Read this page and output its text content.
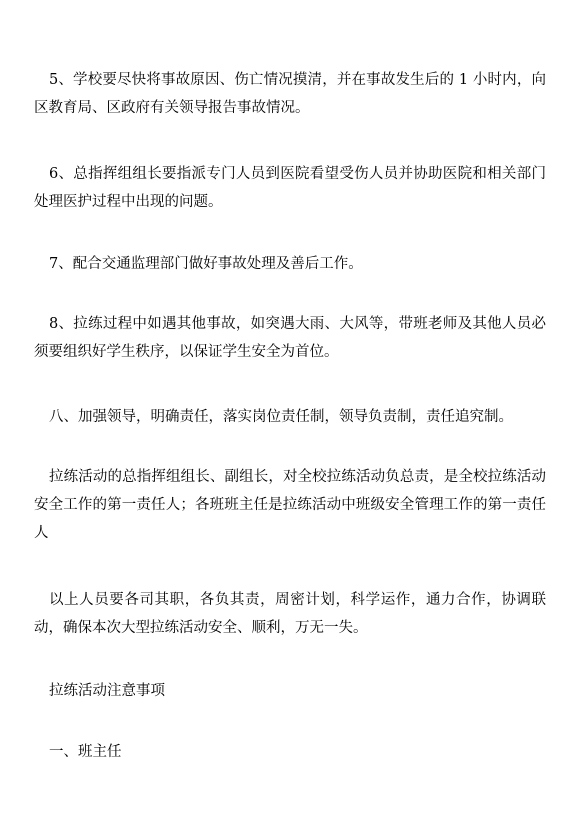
5、学校要尽快将事故原因、伤亡情况摸清，并在事故发生后的 1 小时内，向区教育局、区政府有关领导报告事故情况。

6、总指挥组组长要指派专门人员到医院看望受伤人员并协助医院和相关部门处理医护过程中出现的问题。

7、配合交通监理部门做好事故处理及善后工作。

8、拉练过程中如遇其他事故，如突遇大雨、大风等，带班老师及其他人员必须要组织好学生秩序，以保证学生安全为首位。

八、加强领导，明确责任，落实岗位责任制，领导负责制，责任追究制。

拉练活动的总指挥组组长、副组长，对全校拉练活动负总责，是全校拉练活动安全工作的第一责任人；各班班主任是拉练活动中班级安全管理工作的第一责任人

以上人员要各司其职，各负其责，周密计划，科学运作，通力合作，协调联动，确保本次大型拉练活动安全、顺利，万无一失。

拉练活动注意事项
一、班主任
